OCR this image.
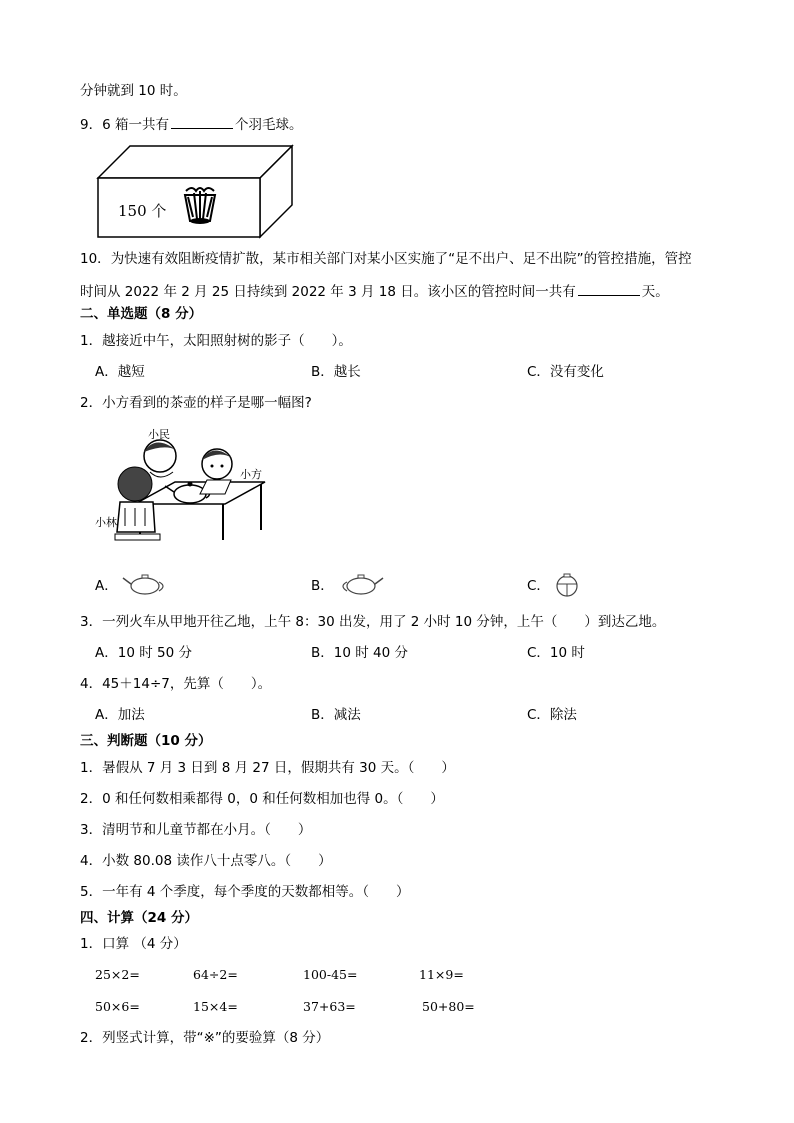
分钟就到 10 时。
9．6 箱一共有	个羽毛球。
150 个
10．为快速有效阻断疫情扩散，某市相关部门对某小区实施了“足不出户、足不出院”的管控措施，管控
时间从 2022 年 2 月 25 日持续到 2022 年 3 月 18 日。该小区的管控时间一共有	天。
二、单选题（8 分）
1．越接近中午，太阳照射树的影子（　　）。
A．越短	B．越长	C．没有变化
2．小方看到的茶壶的样子是哪一幅图?
小民
小方
小林
A．	B．	C．
3．一列火车从甲地开往乙地，上午 8：30 出发，用了 2 小时 10 分钟，上午（　　）到达乙地。
A．10 时 50 分	B．10 时 40 分	C．10 时
4．45＋14÷7，先算（　　）。
A．加法	B．减法	C．除法
三、判断题（10 分）
1．暑假从 7 月 3 日到 8 月 27 日，假期共有 30 天。（　　）
2．0 和任何数相乘都得 0，0 和任何数相加也得 0。（　　）
3．清明节和儿童节都在小月。（　　）
4．小数 80.08 读作八十点零八。（　　）
5．一年有 4 个季度，每个季度的天数都相等。（　　）
四、计算（24 分）
1．口算 （4 分）
25×2=	64÷2=	100-45=	11×9=
50×6=	15×4=	37+63=	50+80=
2．列竖式计算，带“※”的要验算（8 分）
